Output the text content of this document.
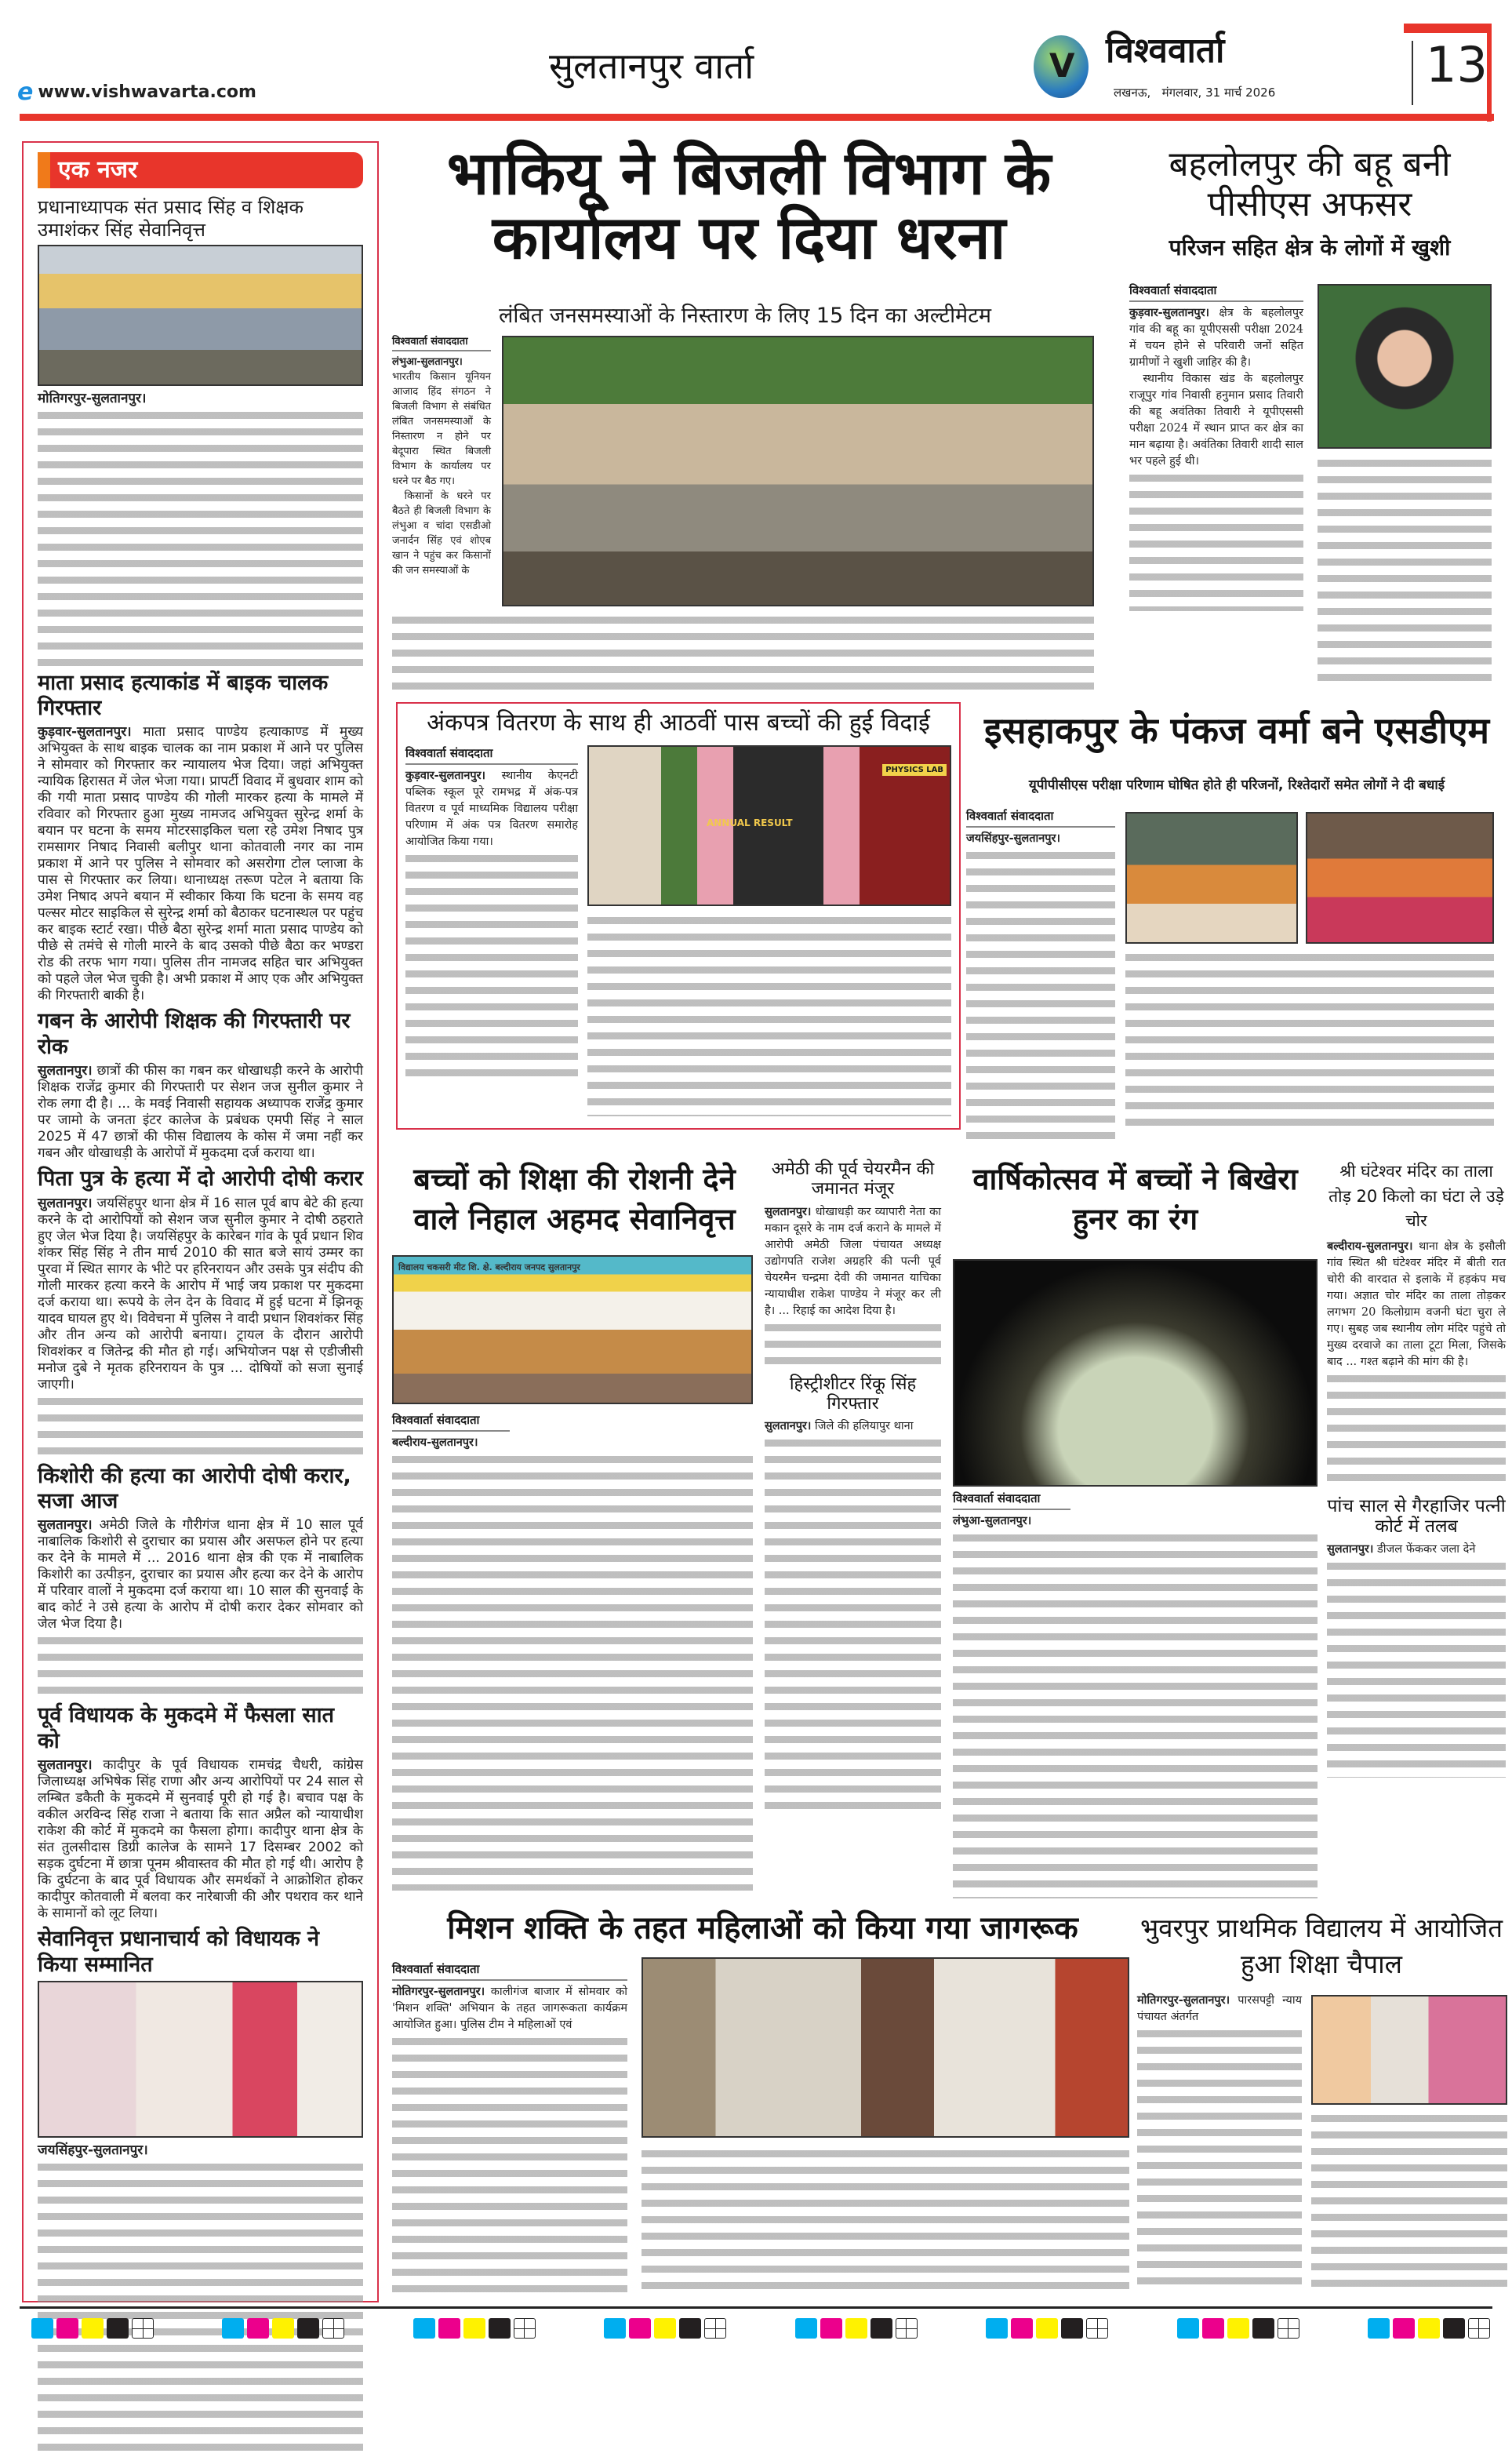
e www.vishwavarta.com
सुलतानपुर वार्ता	V विश्ववार्ता
लखनऊ,   मंगलवार, 31 मार्च 2026	13
एक नजर
प्रधानाध्यापक संत प्रसाद सिंह व शिक्षक उमाशंकर सिंह सेवानिवृत्त
मोतिगरपुर-सुलतानपुर।
माता प्रसाद हत्याकांड में बाइक चालक गिरफ्तार
कुड़वार-सुलतानपुर। माता प्रसाद पाण्डेय हत्याकाण्ड में मुख्य अभियुक्त के साथ बाइक चालक का नाम प्रकाश में आने पर पुलिस ने सोमवार को गिरफ्तार कर न्यायालय भेज दिया। जहां अभियुक्त न्यायिक हिरासत में जेल भेजा गया। प्रापर्टी विवाद में बुधवार शाम को की गयी माता प्रसाद पाण्डेय की गोली मारकर हत्या के मामले में रविवार को गिरफ्तार हुआ मुख्य नामजद अभियुक्त सुरेन्द्र शर्मा के बयान पर घटना के समय मोटरसाइकिल चला रहे उमेश निषाद पुत्र रामसागर निषाद निवासी बलीपुर थाना कोतवाली नगर का नाम प्रकाश में आने पर पुलिस ने सोमवार को असरोगा टोल प्लाजा के पास से गिरफ्तार कर लिया। थानाध्यक्ष तरूण पटेल ने बताया कि उमेश निषाद अपने बयान में स्वीकार किया कि घटना के समय वह पल्सर मोटर साइकिल से सुरेन्द्र शर्मा को बैठाकर घटनास्थल पर पहुंच कर बाइक स्टार्ट रखा। पीछे बैठा सुरेन्द्र शर्मा माता प्रसाद पाण्डेय को पीछे से तमंचे से गोली मारने के बाद उसको पीछे बैठा कर भण्डरा रोड की तरफ भाग गया। पुलिस तीन नामजद सहित चार अभियुक्त को पहले जेल भेज चुकी है। अभी प्रकाश में आए एक और अभियुक्त की गिरफ्तारी बाकी है।
गबन के आरोपी शिक्षक की गिरफ्तारी पर रोक
सुलतानपुर। छात्रों की फीस का गबन कर धोखाधड़ी करने के आरोपी शिक्षक राजेंद्र कुमार की गिरफ्तारी पर सेशन जज सुनील कुमार ने रोक लगा दी है। ... के मवई निवासी सहायक अध्यापक राजेंद्र कुमार पर जामो के जनता इंटर कालेज के प्रबंधक एमपी सिंह ने साल 2025 में 47 छात्रों की फीस विद्यालय के कोस में जमा नहीं कर गबन और धोखाधड़ी के आरोपों में मुकदमा दर्ज कराया था।
पिता पुत्र के हत्या में दो आरोपी दोषी करार
सुलतानपुर। जयसिंहपुर थाना क्षेत्र में 16 साल पूर्व बाप बेटे की हत्या करने के दो आरोपियों को सेशन जज सुनील कुमार ने दोषी ठहराते हुए जेल भेज दिया है। जयसिंहपुर के कारेबन गांव के पूर्व प्रधान शिव शंकर सिंह सिंह ने तीन मार्च 2010 की सात बजे सायं उम्मर का पुरवा में स्थित सागर के भीटे पर हरिनरायन और उसके पुत्र संदीप की गोली मारकर हत्या करने के आरोप में भाई जय प्रकाश पर मुकदमा दर्ज कराया था। रूपये के लेन देन के विवाद में हुई घटना में झिनकू यादव घायल हुए थे। विवेचना में पुलिस ने वादी प्रधान शिवशंकर सिंह और तीन अन्य को आरोपी बनाया। ट्रायल के दौरान आरोपी शिवशंकर व जितेन्द्र की मौत हो गई। अभियोजन पक्ष से एडीजीसी मनोज दुबे ने मृतक हरिनरायन के पुत्र ... दोषियों को सजा सुनाई जाएगी।
किशोरी की हत्या का आरोपी दोषी करार, सजा आज
सुलतानपुर। अमेठी जिले के गौरीगंज थाना क्षेत्र में 10 साल पूर्व नाबालिक किशोरी से दुराचार का प्रयास और असफल होने पर हत्या कर देने के मामले में ... 2016 थाना क्षेत्र की एक में नाबालिक किशोरी का उत्पीड़न, दुराचार का प्रयास और हत्या कर देने के आरोप में परिवार वालों ने मुकदमा दर्ज कराया था। 10 साल की सुनवाई के बाद कोर्ट ने उसे हत्या के आरोप में दोषी करार देकर सोमवार को जेल भेज दिया है।
पूर्व विधायक के मुकदमे में फैसला सात को
सुलतानपुर। कादीपुर के पूर्व विधायक रामचंद्र चैधरी, कांग्रेस जिलाध्यक्ष अभिषेक सिंह राणा और अन्य आरोपियों पर 24 साल से लम्बित डकैती के मुकदमे में सुनवाई पूरी हो गई है। बचाव पक्ष के वकील अरविन्द सिंह राजा ने बताया कि सात अप्रैल को न्यायाधीश राकेश की कोर्ट में मुकदमे का फैसला होगा। कादीपुर थाना क्षेत्र के संत तुलसीदास डिग्री कालेज के सामने 17 दिसम्बर 2002 को सड़क दुर्घटना में छात्रा पूनम श्रीवास्तव की मौत हो गई थी। आरोप है कि दुर्घटना के बाद पूर्व विधायक और समर्थकों ने आक्रोशित होकर कादीपुर कोतवाली में बलवा कर नारेबाजी की और पथराव कर थाने के सामानों को लूट लिया।
सेवानिवृत्त प्रधानाचार्य को विधायक ने किया सम्मानित
जयसिंहपुर-सुलतानपुर।
भाकियू ने बिजली विभाग के कार्यालय पर दिया धरना
लंबित जनसमस्याओं के निस्तारण के लिए 15 दिन का अल्टीमेटम
विश्ववार्ता संवाददाता

लंभुआ-सुलतानपुर। भारतीय किसान यूनियन आजाद हिंद संगठन ने बिजली विभाग से संबंधित लंबित जनसमस्याओं के निस्तारण न होने पर बेदूपारा स्थित बिजली विभाग के कार्यालय पर धरने पर बैठ गए।

किसानों के धरने पर बैठते ही बिजली विभाग के लंभुआ व चांदा एसडीओ जनार्दन सिंह एवं शोएब खान ने पहुंच कर किसानों की जन समस्याओं के

बहलोलपुर की बहू बनी पीसीएस अफसर
परिजन सहित क्षेत्र के लोगों में खुशी
विश्ववार्ता संवाददाता

कुड़वार-सुलतानपुर। क्षेत्र के बहलोलपुर गांव की बहू का यूपीएससी परीक्षा 2024 में चयन होने से परिवारी जनों सहित ग्रामीणों ने खुशी जाहिर की है।

स्थानीय विकास खंड के बहलोलपुर राजूपुर गांव निवासी हनुमान प्रसाद तिवारी की बहू अवंतिका तिवारी ने यूपीएससी परीक्षा 2024 में स्थान प्राप्त कर क्षेत्र का मान बढ़ाया है। अवंतिका तिवारी शादी साल भर पहले हुई थी।

अंकपत्र वितरण के साथ ही आठवीं पास बच्चों की हुई विदाई
विश्ववार्ता संवाददाता
कुड़वार-सुलतानपुर। स्थानीय केएनटी पब्लिक स्कूल पूरे रामभद्र में अंक-पत्र वितरण व पूर्व माध्यमिक विद्यालय परीक्षा परिणाम में अंक पत्र वितरण समारोह आयोजित किया गया।
PHYSICS LAB
ANNUAL RESULT
इसहाकपुर के पंकज वर्मा बने एसडीएम
यूपीपीसीएस परीक्षा परिणाम घोषित होते ही परिजनों, रिश्तेदारों समेत लोगों ने दी बधाई
विश्ववार्ता संवाददाता
जयसिंहपुर-सुलतानपुर।
बच्चों को शिक्षा की रोशनी देने वाले निहाल अहमद सेवानिवृत्त
विद्यालय चकसरी मीट शि. क्षे. बल्दीराय जनपद सुलतानपुर
विश्ववार्ता संवाददाता
बल्दीराय-सुलतानपुर।
अमेठी की पूर्व चेयरमैन की जमानत मंजूर
सुलतानपुर। धोखाधड़ी कर व्यापारी नेता का मकान दूसरे के नाम दर्ज कराने के मामले में आरोपी अमेठी जिला पंचायत अध्यक्ष उद्योगपति राजेश अग्रहरि की पत्नी पूर्व चेयरमैन चन्द्रमा देवी की जमानत याचिका न्यायाधीश राकेश पाण्डेय ने मंजूर कर ली है। ... रिहाई का आदेश दिया है।
हिस्ट्रीशीटर रिंकू सिंह गिरफ्तार
सुलतानपुर। जिले की हलियापुर थाना
वार्षिकोत्सव में बच्चों ने बिखेरा हुनर का रंग
विश्ववार्ता संवाददाता
लंभुआ-सुलतानपुर।
श्री घंटेश्वर मंदिर का ताला तोड़ 20 किलो का घंटा ले उड़े चोर
बल्दीराय-सुलतानपुर। थाना क्षेत्र के इसौली गांव स्थित श्री घंटेश्वर मंदिर में बीती रात चोरी की वारदात से इलाके में हड़कंप मच गया। अज्ञात चोर मंदिर का ताला तोड़कर लगभग 20 किलोग्राम वजनी घंटा चुरा ले गए। सुबह जब स्थानीय लोग मंदिर पहुंचे तो मुख्य दरवाजे का ताला टूटा मिला, जिसके बाद ... गश्त बढ़ाने की मांग की है।
पांच साल से गैरहाजिर पत्नी कोर्ट में तलब
सुलतानपुर। डीजल फेंककर जला देने
मिशन शक्ति के तहत महिलाओं को किया गया जागरूक
विश्ववार्ता संवाददाता
मोतिगरपुर-सुलतानपुर। कालीगंज बाजार में सोमवार को 'मिशन शक्ति' अभियान के तहत जागरूकता कार्यक्रम आयोजित हुआ। पुलिस टीम ने महिलाओं एवं
भुवरपुर प्राथमिक विद्यालय में आयोजित हुआ शिक्षा चैपाल
मोतिगरपुर-सुलतानपुर। पारसपट्टी न्याय पंचायत अंतर्गत
